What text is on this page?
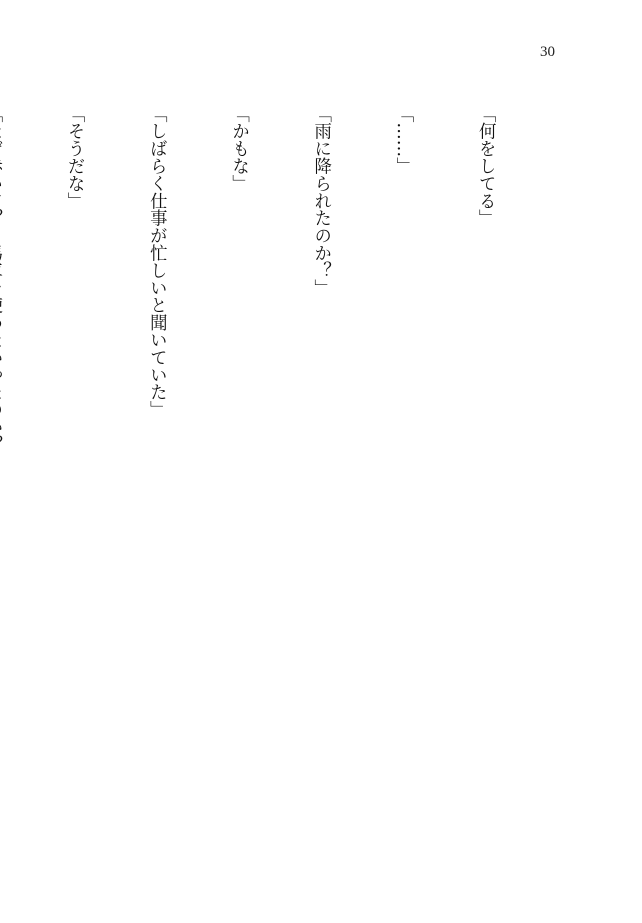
30

「何をしてる」

「……」

「雨に降られたのか？」

「かもな」

「しばらく仕事が忙しいと聞いていた」

「そうだな」
